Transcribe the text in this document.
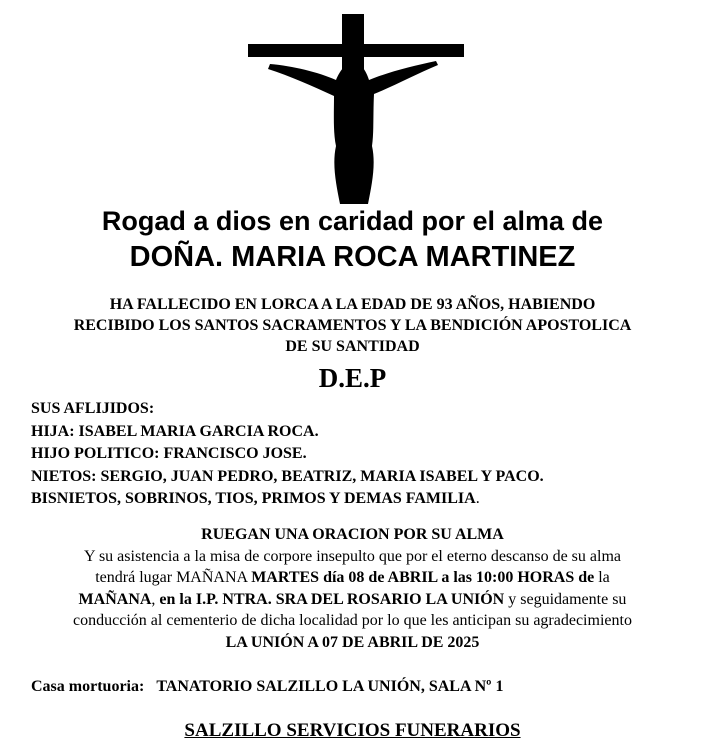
Rogad a dios en caridad por el alma de
DOÑA. MARIA ROCA MARTINEZ
HA FALLECIDO EN LORCA A LA EDAD DE 93 AÑOS, HABIENDO
RECIBIDO LOS SANTOS SACRAMENTOS Y LA BENDICIÓN APOSTOLICA
DE SU SANTIDAD
D.E.P
SUS AFLIJIDOS:
HIJA: ISABEL MARIA GARCIA ROCA.
HIJO POLITICO: FRANCISCO JOSE.
NIETOS: SERGIO, JUAN PEDRO, BEATRIZ, MARIA ISABEL Y PACO.
BISNIETOS, SOBRINOS, TIOS, PRIMOS Y DEMAS FAMILIA.
RUEGAN UNA ORACION POR SU ALMA
Y su asistencia a la misa de corpore insepulto que por el eterno descanso de su alma
tendrá lugar MAÑANA MARTES día 08 de ABRIL a las 10:00 HORAS de la
MAÑANA, en la I.P. NTRA. SRA DEL ROSARIO LA UNIÓN y seguidamente su
conducción al cementerio de dicha localidad por lo que les anticipan su agradecimiento
LA UNIÓN A 07 DE ABRIL DE 2025
Casa mortuoria: TANATORIO SALZILLO LA UNIÓN, SALA Nº 1
SALZILLO SERVICIOS FUNERARIOS
